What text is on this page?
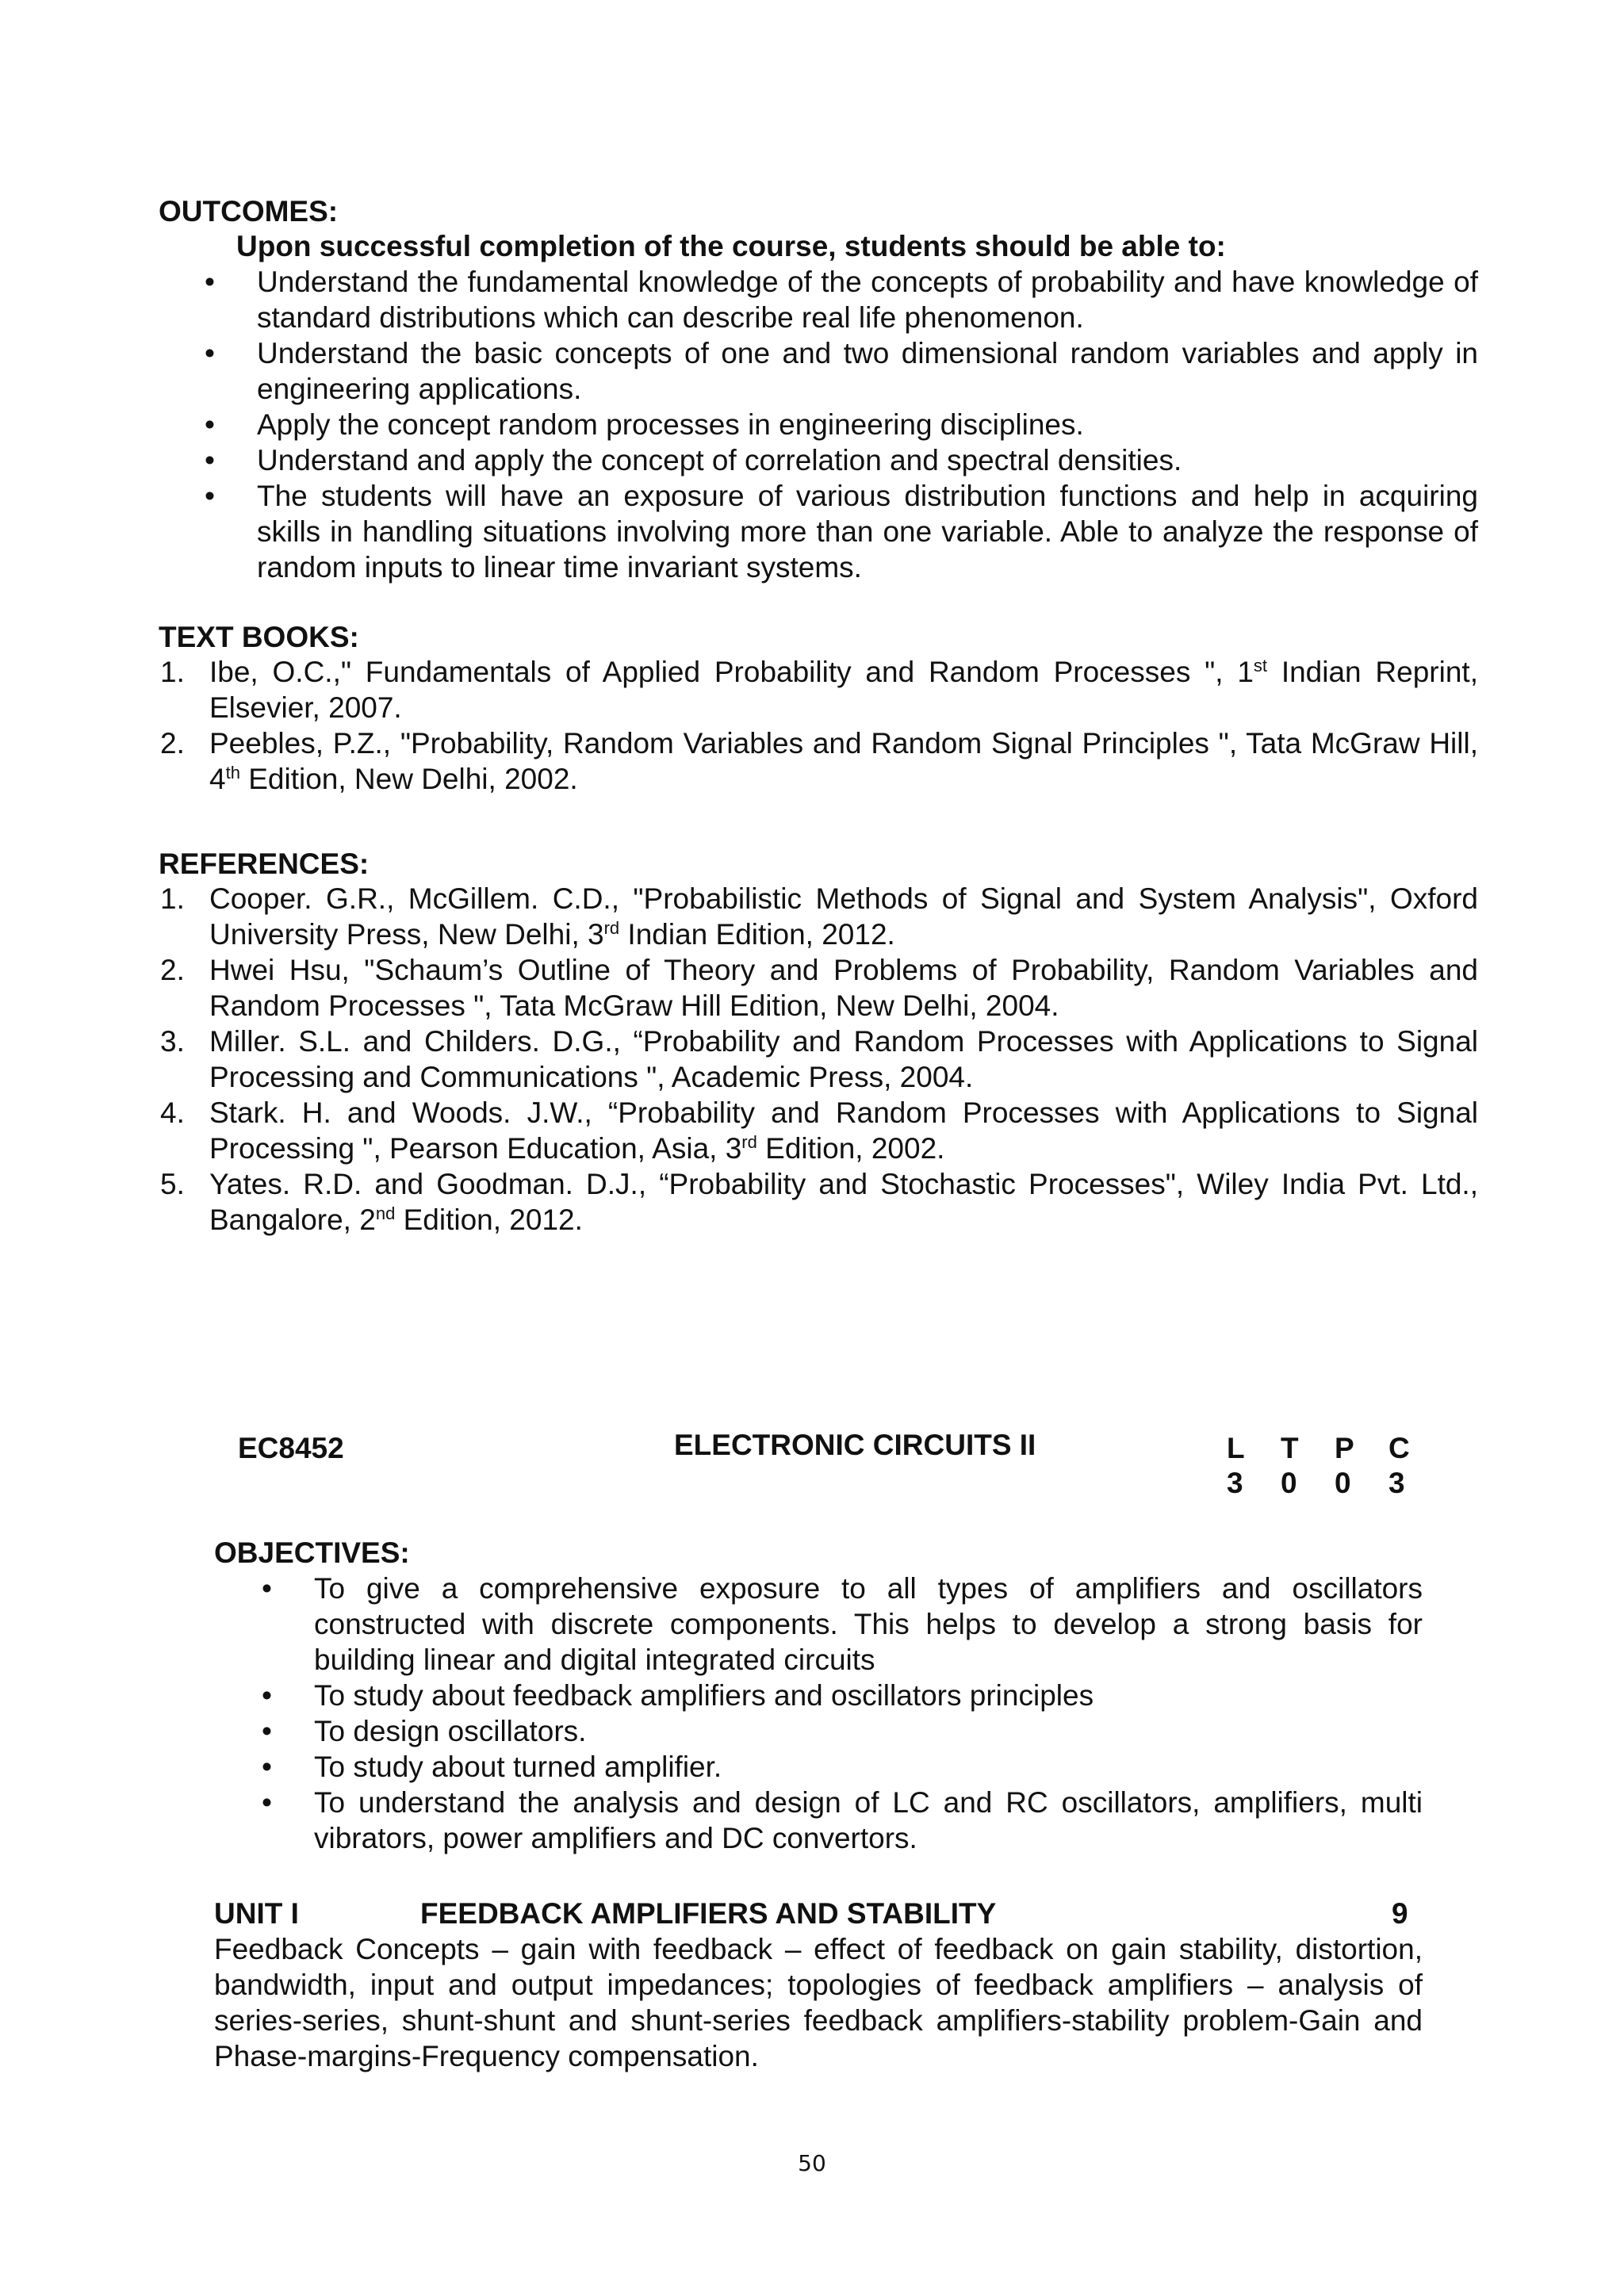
OUTCOMES:
Upon successful completion of the course, students should be able to:
• Understand the fundamental knowledge of the concepts of probability and have knowledge of standard distributions which can describe real life phenomenon.
• Understand the basic concepts of one and two dimensional random variables and apply in engineering applications.
• Apply the concept random processes in engineering disciplines.
• Understand and apply the concept of correlation and spectral densities.
• The students will have an exposure of various distribution functions and help in acquiring skills in handling situations involving more than one variable. Able to analyze the response of random inputs to linear time invariant systems.
TEXT BOOKS:
1. Ibe, O.C.," Fundamentals of Applied Probability and Random Processes ", 1st Indian Reprint, Elsevier, 2007.
2. Peebles, P.Z., "Probability, Random Variables and Random Signal Principles ", Tata McGraw Hill, 4th Edition, New Delhi, 2002.
REFERENCES:
1. Cooper. G.R., McGillem. C.D., "Probabilistic Methods of Signal and System Analysis", Oxford University Press, New Delhi, 3rd Indian Edition, 2012.
2. Hwei Hsu, "Schaum’s Outline of Theory and Problems of Probability, Random Variables and Random Processes ", Tata McGraw Hill Edition, New Delhi, 2004.
3. Miller. S.L. and Childers. D.G., “Probability and Random Processes with Applications to Signal Processing and Communications ", Academic Press, 2004.
4. Stark. H. and Woods. J.W., “Probability and Random Processes with Applications to Signal Processing ", Pearson Education, Asia, 3rd Edition, 2002.
5. Yates. R.D. and Goodman. D.J., “Probability and Stochastic Processes", Wiley India Pvt. Ltd., Bangalore, 2nd Edition, 2012.
EC8452	ELECTRONIC CIRCUITS II	L T P C
3 0 0 3
OBJECTIVES:
• To give a comprehensive exposure to all types of amplifiers and oscillators constructed with discrete components. This helps to develop a strong basis for building linear and digital integrated circuits
• To study about feedback amplifiers and oscillators principles
• To design oscillators.
• To study about turned amplifier.
• To understand the analysis and design of LC and RC oscillators, amplifiers, multi vibrators, power amplifiers and DC convertors.
UNIT I	FEEDBACK AMPLIFIERS AND STABILITY	9
Feedback Concepts – gain with feedback – effect of feedback on gain stability, distortion, bandwidth, input and output impedances; topologies of feedback amplifiers – analysis of series-series, shunt-shunt and shunt-series feedback amplifiers-stability problem-Gain and Phase-margins-Frequency compensation.
50
